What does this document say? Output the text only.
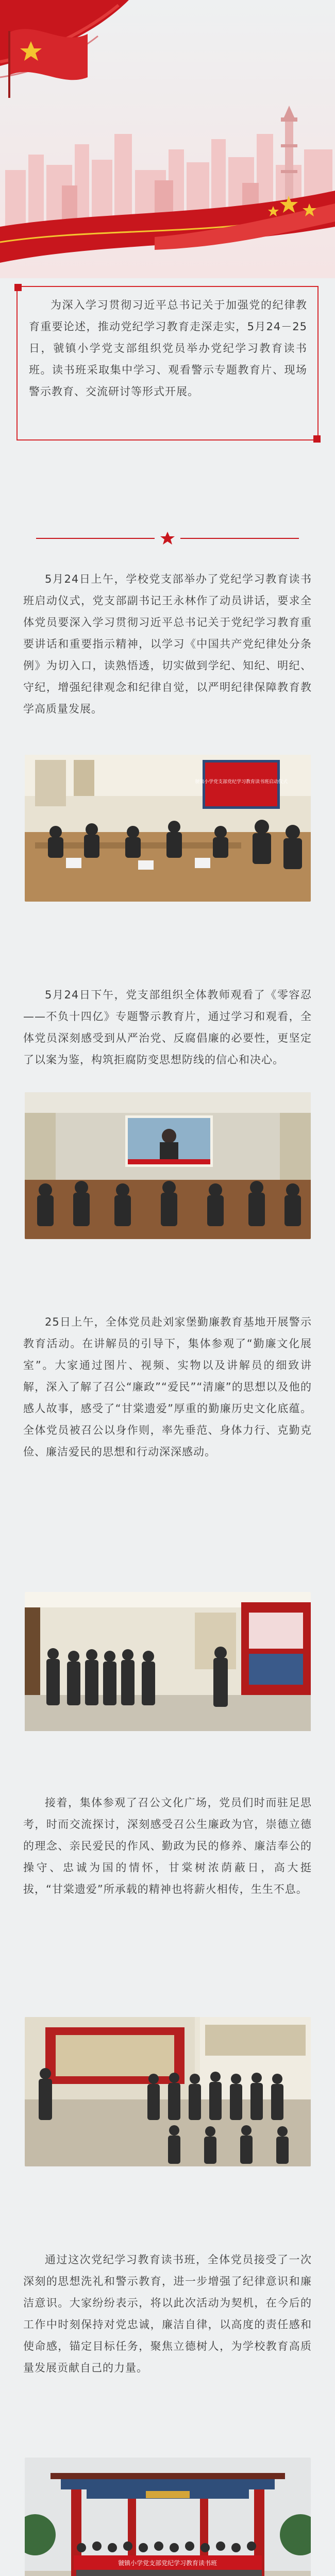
为深入学习贯彻习近平总书记关于加强党的纪律教育重要论述，推动党纪学习教育走深走实，5月24－25日，虢镇小学党支部组织党员举办党纪学习教育读书班。读书班采取集中学习、观看警示专题教育片、现场警示教育、交流研讨等形式开展。

5月24日上午，学校党支部举办了党纪学习教育读书班启动仪式，党支部副书记王永林作了动员讲话，要求全体党员要深入学习贯彻习近平总书记关于党纪学习教育重要讲话和重要指示精神，以学习《中国共产党纪律处分条例》为切入口，读熟悟透，切实做到学纪、知纪、明纪、守纪，增强纪律观念和纪律自觉，以严明纪律保障教育教学高质量发展。

虢镇小学党支部党纪学习教育读书班启动仪式

5月24日下午，党支部组织全体教师观看了《零容忍——不负十四亿》专题警示教育片，通过学习和观看，全体党员深刻感受到从严治党、反腐倡廉的必要性，更坚定了以案为鉴，构筑拒腐防变思想防线的信心和决心。

25日上午，全体党员赴刘家堡勤廉教育基地开展警示教育活动。在讲解员的引导下，集体参观了“勤廉文化展室”。大家通过图片、视频、实物以及讲解员的细致讲解，深入了解了召公“廉政”“爱民”“清廉”的思想以及他的感人故事，感受了“甘棠遗爱”厚重的勤廉历史文化底蕴。全体党员被召公以身作则，率先垂范、身体力行、克勤克俭、廉洁爱民的思想和行动深深感动。

接着，集体参观了召公文化广场，党员们时而驻足思考，时而交流探讨，深刻感受召公生廉政为官，崇德立德的理念、亲民爱民的作风、勤政为民的修养、廉洁奉公的操守、忠诚为国的情怀，甘棠树浓荫蔽日，高大挺拔，“甘棠遗爱”所承载的精神也将薪火相传，生生不息。

通过这次党纪学习教育读书班，全体党员接受了一次深刻的思想洗礼和警示教育，进一步增强了纪律意识和廉洁意识。大家纷纷表示，将以此次活动为契机，在今后的工作中时刻保持对党忠诚，廉洁自律，以高度的责任感和使命感，锚定目标任务，聚焦立德树人，为学校教育高质量发展贡献自己的力量。

虢镇小学党支部党纪学习教育读书班
